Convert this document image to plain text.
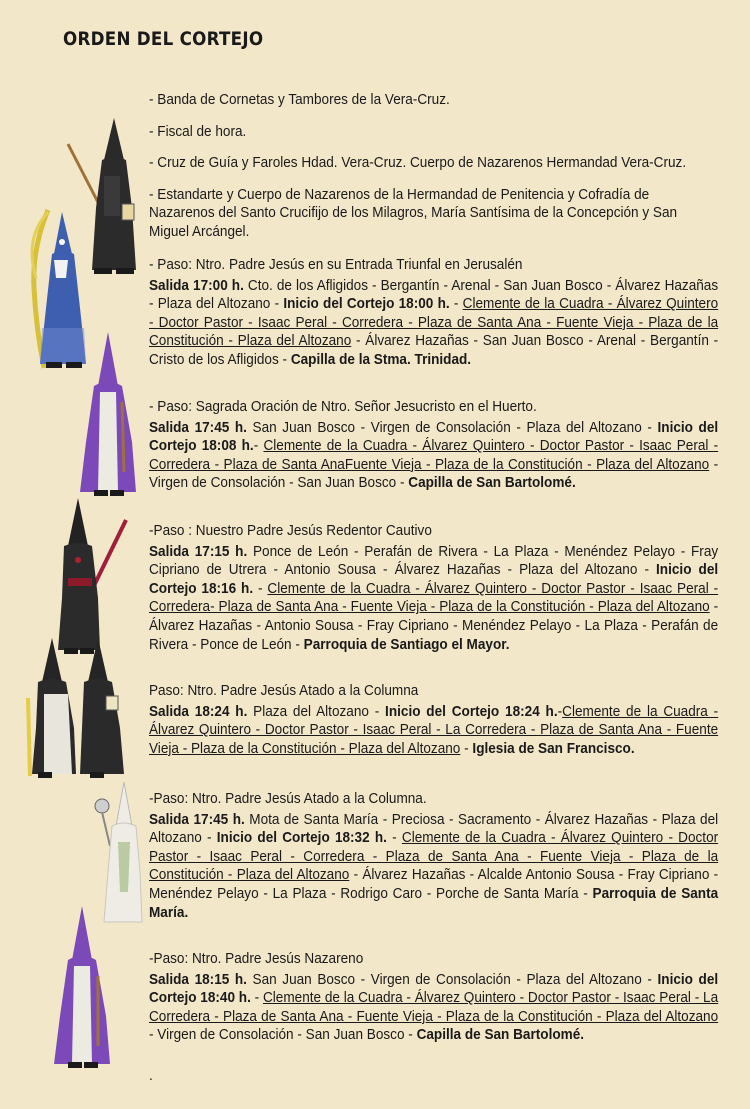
ORDEN DEL CORTEJO

- Banda de Cornetas y Tambores de la Vera-Cruz.

- Fiscal de hora.

- Cruz de Guía y Faroles Hdad. Vera-Cruz. Cuerpo de Nazarenos Hermandad Vera-Cruz.

- Estandarte y Cuerpo de Nazarenos de la Hermandad de Penitencia y Cofradía de Nazarenos del Santo Crucifijo de los Milagros, María Santísima de la Concepción y San Miguel Arcángel.

- Paso: Ntro. Padre Jesús en su Entrada Triunfal en Jerusalén

Salida 17:00 h. Cto. de los Afligidos - Bergantín - Arenal - San Juan Bosco - Álvarez Hazañas - Plaza del Altozano - Inicio del Cortejo 18:00 h. - Clemente de la Cuadra - Álvarez Quintero - Doctor Pastor - Isaac Peral - Corredera - Plaza de Santa Ana - Fuente Vieja - Plaza de la Constitución - Plaza del Altozano - Álvarez Hazañas - San Juan Bosco - Arenal - Bergantín - Cristo de los Afligidos - Capilla de la Stma. Trinidad.

- Paso: Sagrada Oración de Ntro. Señor Jesucristo en el Huerto.

Salida 17:45 h. San Juan Bosco - Virgen de Consolación - Plaza del Altozano - Inicio del Cortejo 18:08 h.- Clemente de la Cuadra - Álvarez Quintero - Doctor Pastor - Isaac Peral - Corredera - Plaza de Santa AnaFuente Vieja - Plaza de la Constitución - Plaza del Altozano - Virgen de Consolación - San Juan Bosco - Capilla de San Bartolomé.

-Paso : Nuestro Padre Jesús Redentor Cautivo

Salida 17:15 h. Ponce de León - Perafán de Rivera - La Plaza - Menéndez Pelayo - Fray Cipriano de Utrera - Antonio Sousa - Álvarez Hazañas - Plaza del Altozano - Inicio del Cortejo 18:16 h. - Clemente de la Cuadra - Álvarez Quintero - Doctor Pastor - Isaac Peral - Corredera- Plaza de Santa Ana - Fuente Vieja - Plaza de la Constitución - Plaza del Altozano - Álvarez Hazañas - Antonio Sousa - Fray Cipriano - Menéndez Pelayo - La Plaza - Perafán de Rivera - Ponce de León - Parroquia de Santiago el Mayor.

Paso: Ntro. Padre Jesús Atado a la Columna

Salida 18:24 h. Plaza del Altozano - Inicio del Cortejo 18:24 h.-Clemente de la Cuadra - Álvarez Quintero - Doctor Pastor - Isaac Peral - La Corredera - Plaza de Santa Ana - Fuente Vieja - Plaza de la Constitución - Plaza del Altozano - Iglesia de San Francisco.

-Paso: Ntro. Padre Jesús Atado a la Columna.

Salida 17:45 h. Mota de Santa María - Preciosa - Sacramento - Álvarez Hazañas - Plaza del Altozano - Inicio del Cortejo 18:32 h. - Clemente de la Cuadra - Álvarez Quintero - Doctor Pastor - Isaac Peral - Corredera - Plaza de Santa Ana - Fuente Vieja - Plaza de la Constitución - Plaza del Altozano - Álvarez Hazañas - Alcalde Antonio Sousa - Fray Cipriano - Menéndez Pelayo - La Plaza - Rodrigo Caro - Porche de Santa María - Parroquia de Santa María.

-Paso: Ntro. Padre Jesús Nazareno

Salida 18:15 h. San Juan Bosco - Virgen de Consolación - Plaza del Altozano - Inicio del Cortejo 18:40 h. - Clemente de la Cuadra - Álvarez Quintero - Doctor Pastor - Isaac Peral - La Corredera - Plaza de Santa Ana - Fuente Vieja - Plaza de la Constitución - Plaza del Altozano - Virgen de Consolación - San Juan Bosco - Capilla de San Bartolomé.

.
